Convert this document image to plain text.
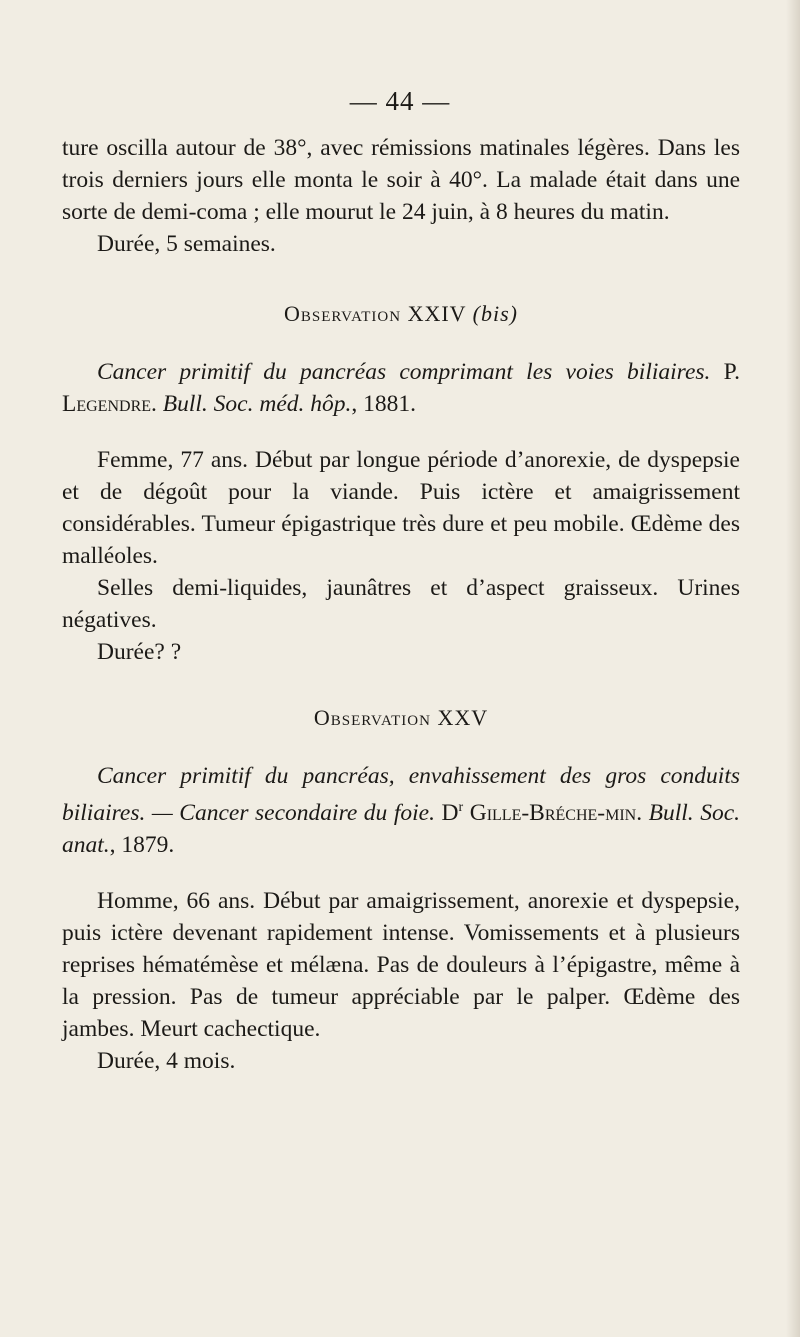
— 44 —

ture oscilla autour de 38°, avec rémissions matinales légères. Dans les trois derniers jours elle monta le soir à 40°. La malade était dans une sorte de demi-coma ; elle mourut le 24 juin, à 8 heures du matin.

Durée, 5 semaines.

Observation XXIV (bis)

Cancer primitif du pancréas comprimant les voies biliaires. P. Legendre. Bull. Soc. méd. hôp., 1881.

Femme, 77 ans. Début par longue période d’anorexie, de dyspepsie et de dégoût pour la viande. Puis ictère et amaigrissement considérables. Tumeur épigastrique très dure et peu mobile. Œdème des malléoles.

Selles demi-liquides, jaunâtres et d’aspect graisseux. Urines négatives.

Durée? ?

Observation XXV

Cancer primitif du pancréas, envahissement des gros conduits biliaires. — Cancer secondaire du foie. $D^r$ Gille-Bréche-min. Bull. Soc. anat., 1879.

Homme, 66 ans. Début par amaigrissement, anorexie et dyspepsie, puis ictère devenant rapidement intense. Vomissements et à plusieurs reprises hématémèse et mélæna. Pas de douleurs à l’épigastre, même à la pression. Pas de tumeur appréciable par le palper. Œdème des jambes. Meurt cachectique.

Durée, 4 mois.
